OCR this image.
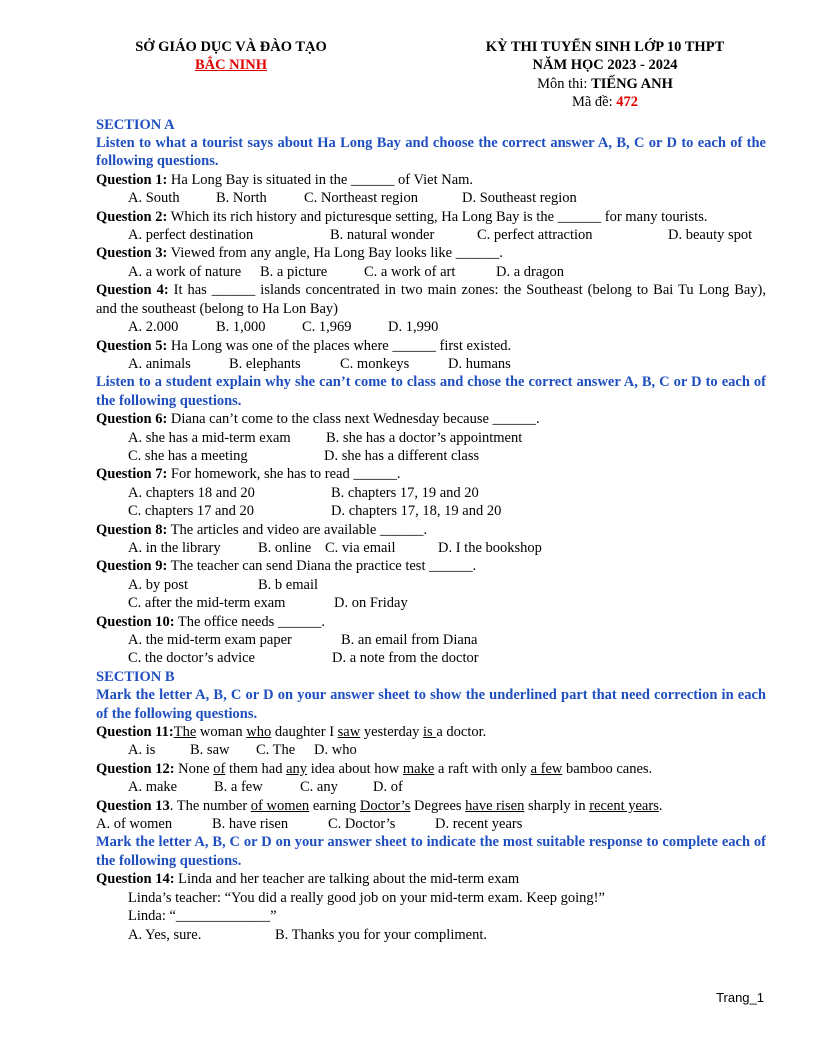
SỞ GIÁO DỤC VÀ ĐÀO TẠO
BẮC NINH
KỲ THI TUYỂN SINH LỚP 10 THPT
NĂM HỌC 2023 - 2024
Môn thi: TIẾNG ANH
Mã đề: 472
SECTION A
Listen to what a tourist says about Ha Long Bay and choose the correct answer A, B, C or D to each of the following questions.
Question 1: Ha Long Bay is situated in the ______ of Viet Nam.
A. South	B. North	C. Northeast region	D. Southeast region
Question 2: Which its rich history and picturesque setting, Ha Long Bay is the ______ for many tourists.
A. perfect destination	B. natural wonder	C. perfect attraction	D. beauty spot
Question 3: Viewed from any angle, Ha Long Bay looks like ______.
A. a work of nature	B. a picture	C. a work of art	D. a dragon
Question 4: It has ______ islands concentrated in two main zones: the Southeast (belong to Bai Tu Long Bay), and the southeast (belong to Ha Lon Bay)
A. 2.000	B. 1,000	C. 1,969	D. 1,990
Question 5: Ha Long was one of the places where ______ first existed.
A. animals	B. elephants	C. monkeys	D. humans
Listen to a student explain why she can’t come to class and chose the correct answer A, B, C or D to each of the following questions.
Question 6: Diana can’t come to the class next Wednesday because ______.
A. she has a mid-term exam	B. she has a doctor’s appointment
C. she has a meeting	D. she has a different class
Question 7: For homework, she has to read ______.
A. chapters 18 and 20	B. chapters 17, 19 and 20
C. chapters 17 and 20	D. chapters 17, 18, 19 and 20
Question 8: The articles and video are available ______.
A. in the library	B. online C. via email	D. I the bookshop
Question 9: The teacher can send Diana the practice test ______.
A. by post	B. b email
C. after the mid-term exam	D. on Friday
Question 10: The office needs ______.
A. the mid-term exam paper	B. an email from Diana
C. the doctor’s advice	D. a note from the doctor
SECTION B
Mark the letter A, B, C or D on your answer sheet to show the underlined part that need correction in each of the following questions.
Question 11:The woman who daughter I saw yesterday is a doctor.
A. is	B. saw	C. The	D. who
Question 12: None of them had any idea about how make a raft with only a few bamboo canes.
A. make	B. a few	C. any	D. of
Question 13. The number of women earning Doctor’s Degrees have risen sharply in recent years.
A. of women	B. have risen	C. Doctor’s	D. recent years
Mark the letter A, B, C or D on your answer sheet to indicate the most suitable response to complete each of the following questions.
Question 14: Linda and her teacher are talking about the mid-term exam
Linda’s teacher: “You did a really good job on your mid-term exam. Keep going!”
Linda: “_____________”
A. Yes, sure.	B. Thanks you for your compliment.
Trang_1
